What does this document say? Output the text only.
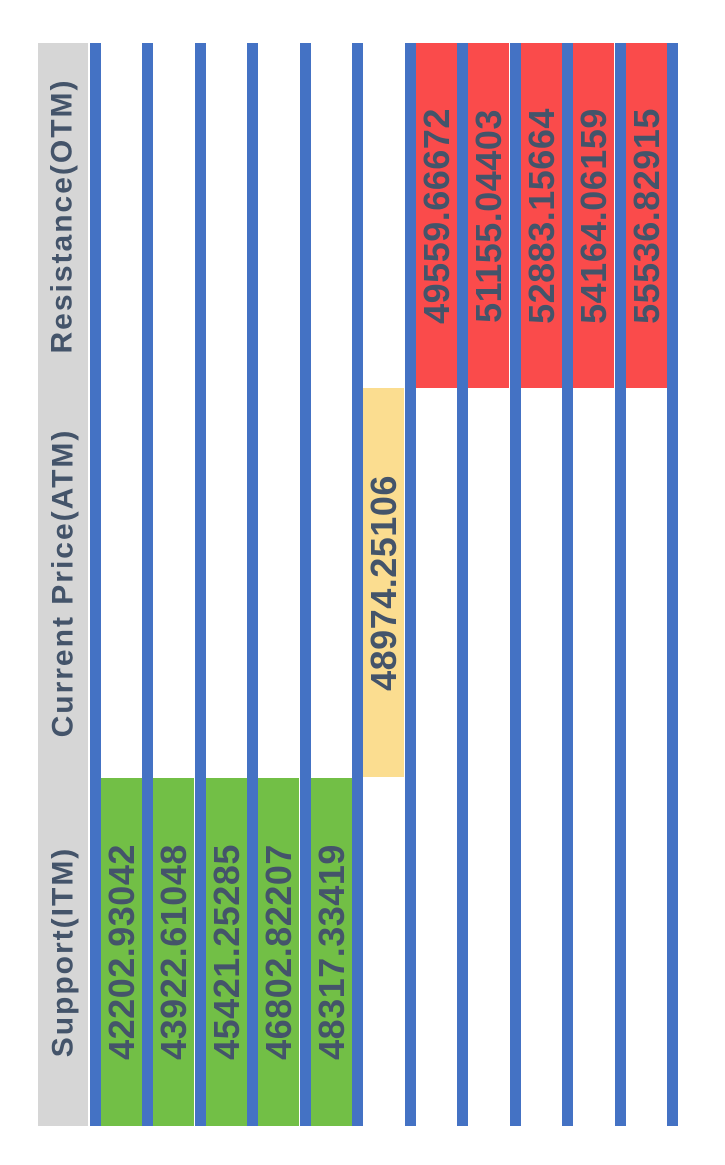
Resistance(OTM)
Current Price(ATM)
Support(ITM) 42202.93042 43922.61048 45421.25285 46802.82207 48317.33419
48974.25106
49559.66672 51155.04403 52883.15664 54164.06159 55536.82915
